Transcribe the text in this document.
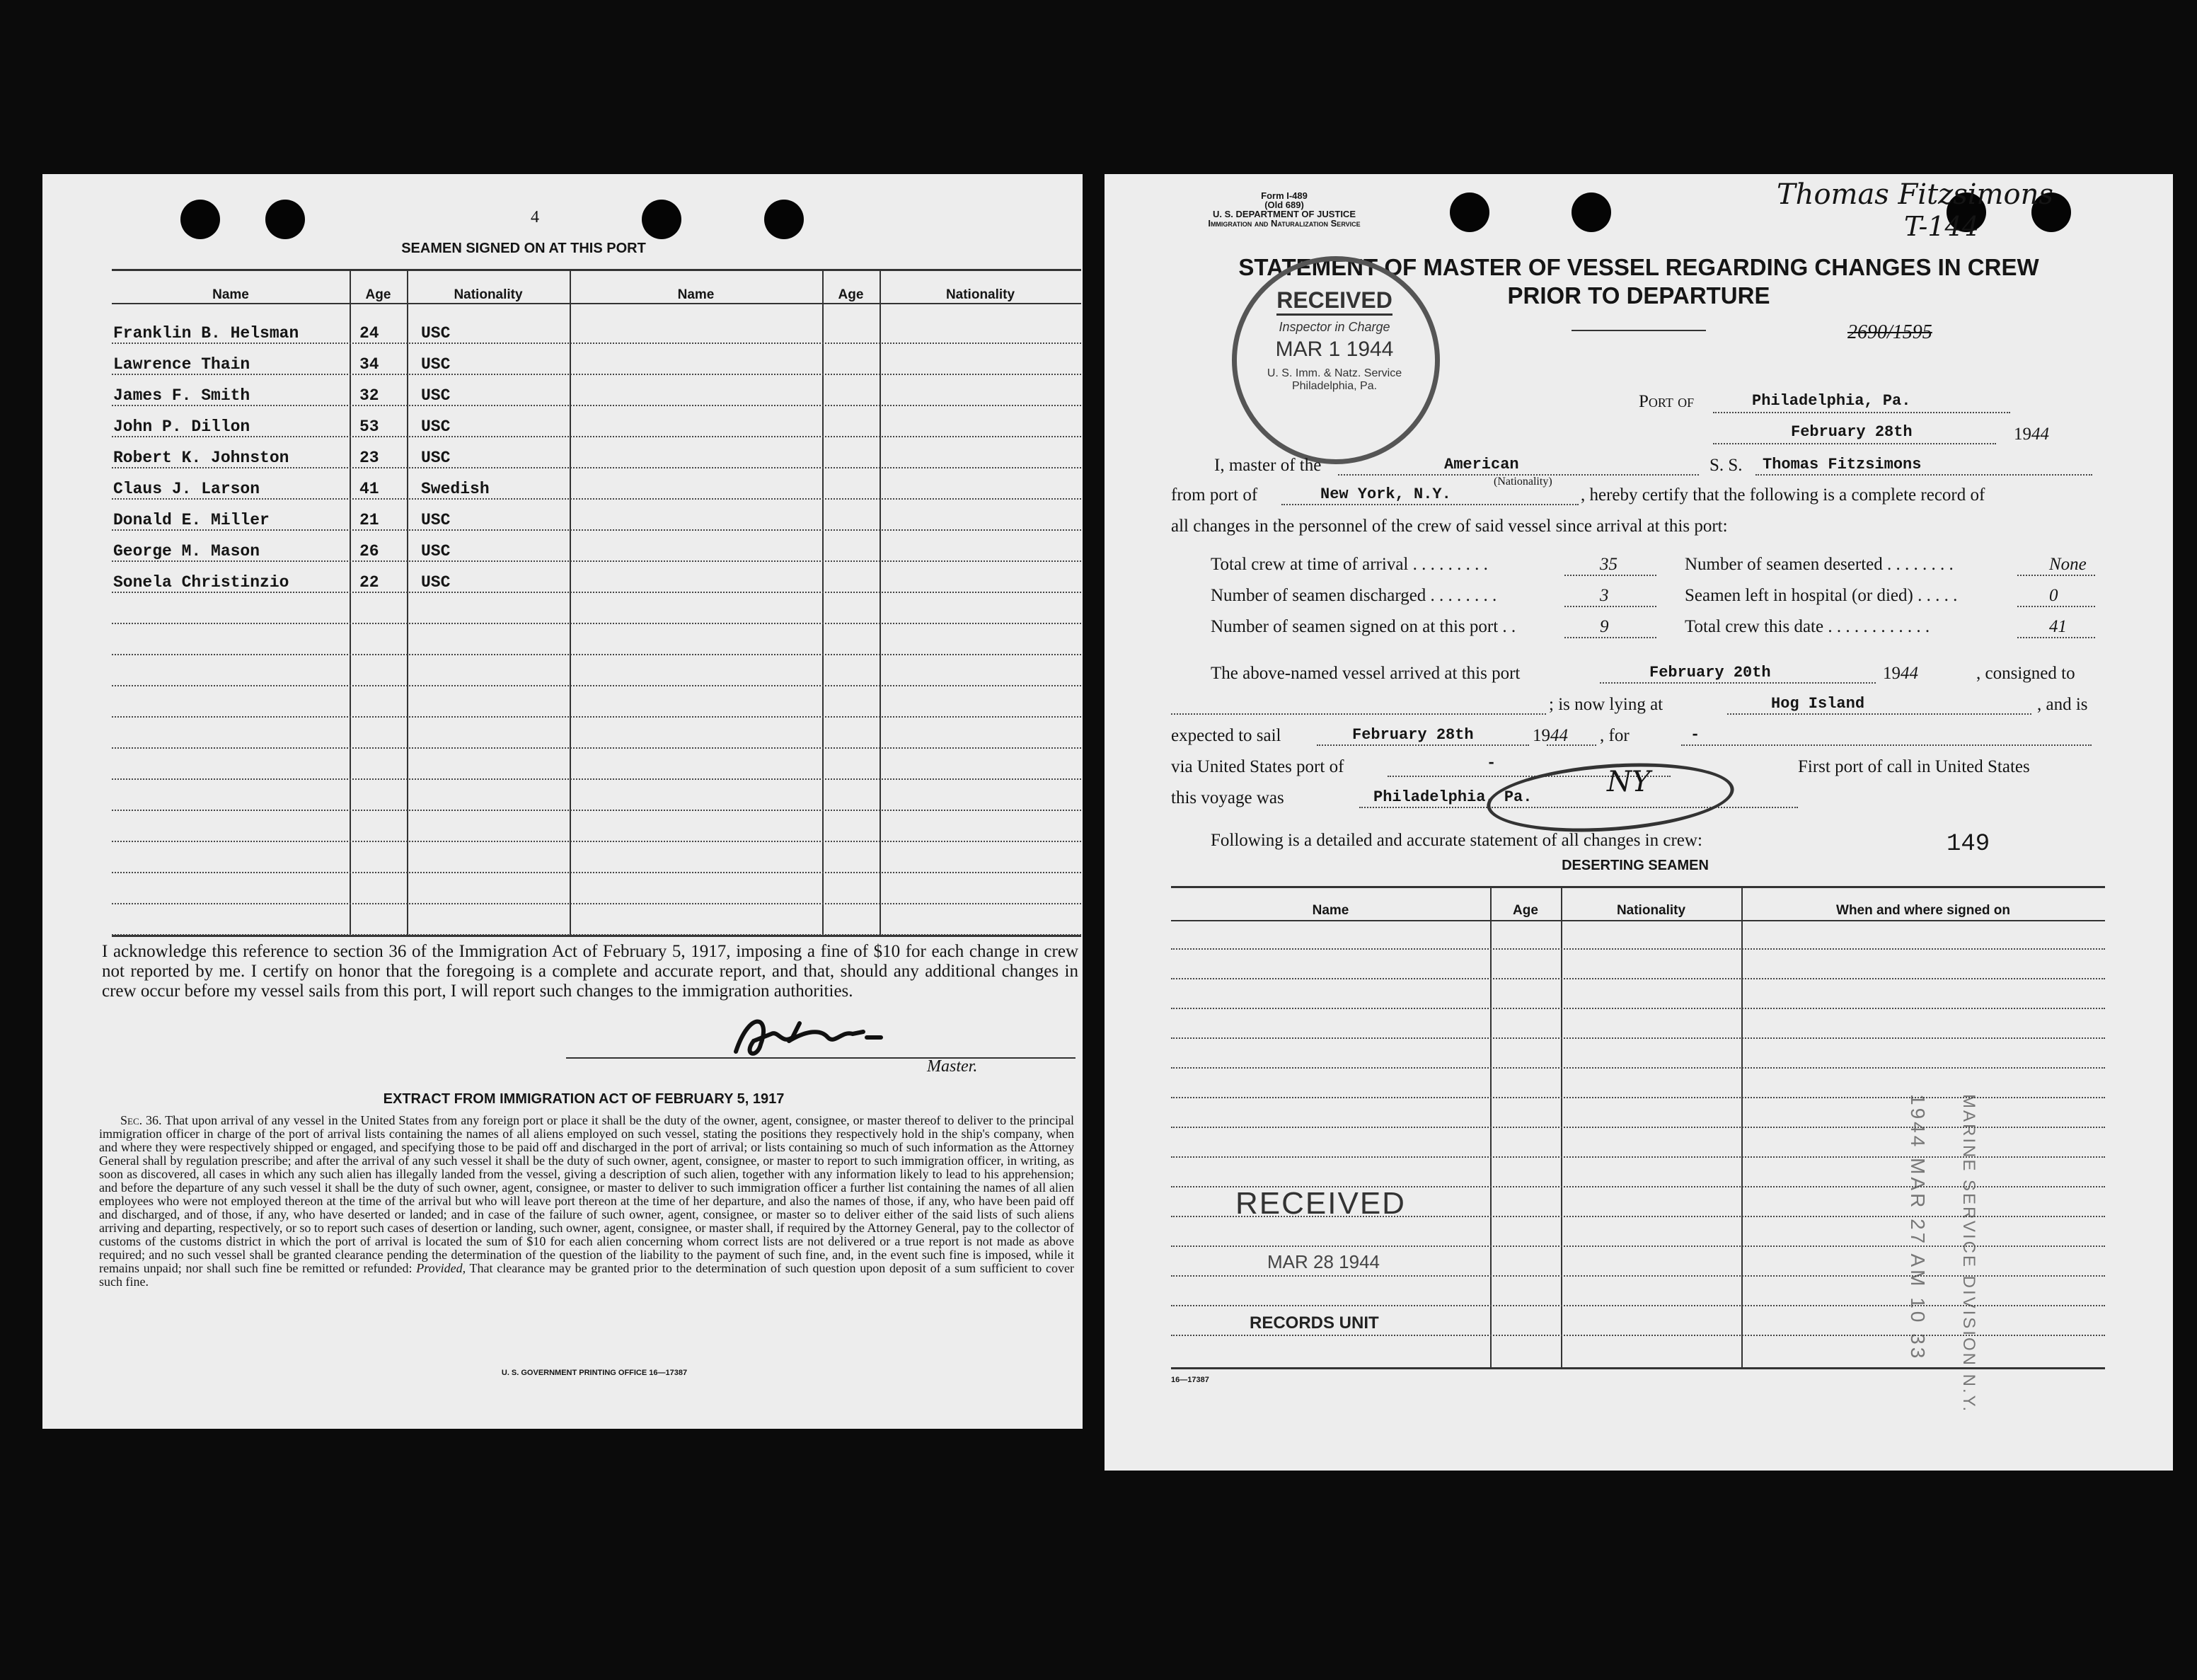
4
SEAMEN SIGNED ON AT THIS PORT
Name	Age	Nationality	Name	Age	Nationality
I acknowledge this reference to section 36 of the Immigration Act of February 5, 1917, imposing a fine of $10 for each change in crew not reported by me. I certify on honor that the foregoing is a complete and accurate report, and that, should any additional changes in crew occur before my vessel sails from this port, I will report such changes to the immigration authorities.
Master.
EXTRACT FROM IMMIGRATION ACT OF FEBRUARY 5, 1917
Sec. 36. That upon arrival of any vessel in the United States from any foreign port or place it shall be the duty of the owner, agent, consignee, or master thereof to deliver to the principal immigration officer in charge of the port of arrival lists containing the names of all aliens employed on such vessel, stating the positions they respectively hold in the ship's company, when and where they were respectively shipped or engaged, and specifying those to be paid off and discharged in the port of arrival; or lists containing so much of such information as the Attorney General shall by regulation prescribe; and after the arrival of any such vessel it shall be the duty of such owner, agent, consignee, or master to report to such immigration officer, in writing, as soon as discovered, all cases in which any such alien has illegally landed from the vessel, giving a description of such alien, together with any information likely to lead to his apprehension; and before the departure of any such vessel it shall be the duty of such owner, agent, consignee, or master to deliver to such immigration officer a further list containing the names of all alien employees who were not employed thereon at the time of the arrival but who will leave port thereon at the time of her departure, and also the names of those, if any, who have been paid off and discharged, and of those, if any, who have deserted or landed; and in case of the failure of such owner, agent, consignee, or master so to deliver either of the said lists of such aliens arriving and departing, respectively, or so to report such cases of desertion or landing, such owner, agent, consignee, or master shall, if required by the Attorney General, pay to the collector of customs of the customs district in which the port of arrival is located the sum of $10 for each alien concerning whom correct lists are not delivered or a true report is not made as above required; and no such vessel shall be granted clearance pending the determination of the question of the liability to the payment of such fine, and, in the event such fine is imposed, while it remains unpaid; nor shall such fine be remitted or refunded: Provided, That clearance may be granted prior to the determination of such question upon deposit of a sum sufficient to cover such fine.
U. S. GOVERNMENT PRINTING OFFICE 16—17387
Franklin B. Helsman	24	USC
Lawrence Thain	34	USC
James F. Smith	32	USC
John P. Dillon	53	USC
Robert K. Johnston	23	USC
Claus J. Larson	41	Swedish
Donald E. Miller	21	USC
George M. Mason	26	USC
Sonela Christinzio	22	USC
Form I-489
(Old 689)
U. S. DEPARTMENT OF JUSTICE
Immigration and Naturalization Service
Thomas Fitzsimons
T-144
STATEMENT OF MASTER OF VESSEL REGARDING CHANGES IN CREW
PRIOR TO DEPARTURE
2690/1595
RECEIVED
Inspector in Charge
MAR 1 1944
U. S. Imm. & Natz. Service
Philadelphia, Pa.
Port of	Philadelphia, Pa.
February 28th	1944
I, master of the	American
(Nationality)
S. S. Thomas Fitzsimons
from port of	New York, N.Y.	, hereby certify that the following is a complete record of
all changes in the personnel of the crew of said vessel since arrival at this port:
The above-named vessel arrived at this port	February 20th	1944	, consigned to
; is now lying at	Hog Island	, and is
expected to sail	February 28th	1944 , for	-
via United States port of	-	First port of call in United States
this voyage was	Philadelphia, Pa.	NY
Following is a detailed and accurate statement of all changes in crew:	149
DESERTING SEAMEN
Name	Age	Nationality	When and where signed on
RECEIVED
MAR 28 1944
RECORDS UNIT	1944 MAR 27 AM 10 33 MARINE SERVICE DIVISION N.Y.
16—17387
Total crew at time of arrival . . . . . . . . .	35
Number of seamen discharged . . . . . . . .	3
Number of seamen signed on at this port . .	9
Number of seamen deserted . . . . . . . .	None
Seamen left in hospital (or died) . . . . .	0
Total crew this date . . . . . . . . . . . .	41
